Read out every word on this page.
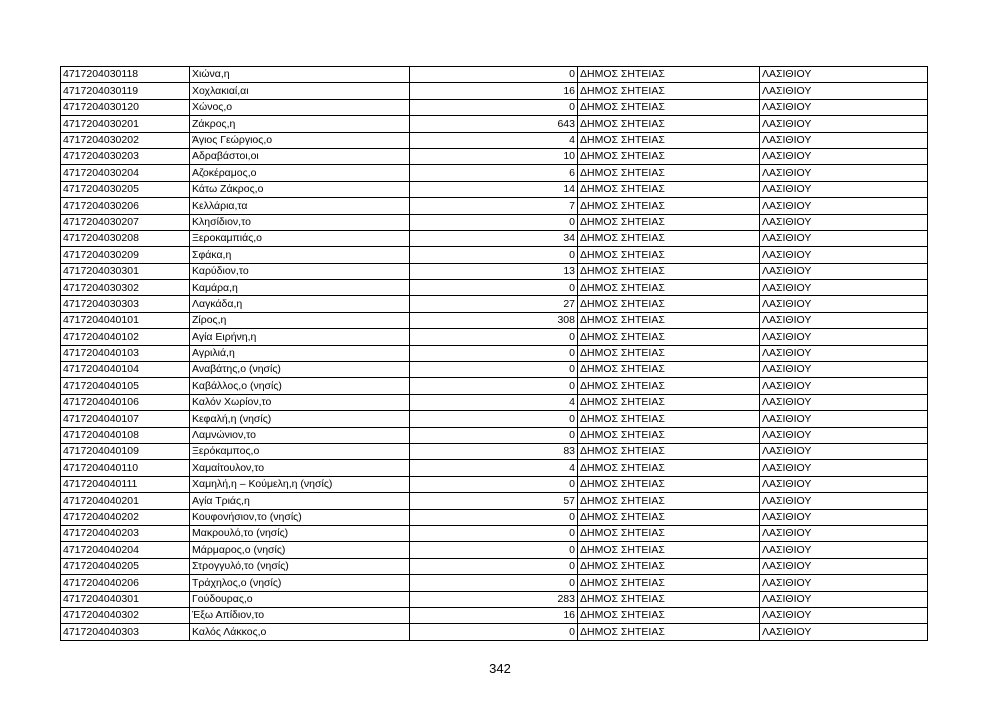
4717204030118	Χιώνα,η	0	ΔΗΜΟΣ ΣΗΤΕΙΑΣ	ΛΑΣΙΘΙΟΥ
4717204030119	Χοχλακιαί,αι	16	ΔΗΜΟΣ ΣΗΤΕΙΑΣ	ΛΑΣΙΘΙΟΥ
4717204030120	Χώνος,ο	0	ΔΗΜΟΣ ΣΗΤΕΙΑΣ	ΛΑΣΙΘΙΟΥ
4717204030201	Ζάκρος,η	643	ΔΗΜΟΣ ΣΗΤΕΙΑΣ	ΛΑΣΙΘΙΟΥ
4717204030202	Άγιος Γεώργιος,ο	4	ΔΗΜΟΣ ΣΗΤΕΙΑΣ	ΛΑΣΙΘΙΟΥ
4717204030203	Αδραβάστοι,οι	10	ΔΗΜΟΣ ΣΗΤΕΙΑΣ	ΛΑΣΙΘΙΟΥ
4717204030204	Αζοκέραμος,ο	6	ΔΗΜΟΣ ΣΗΤΕΙΑΣ	ΛΑΣΙΘΙΟΥ
4717204030205	Κάτω Ζάκρος,ο	14	ΔΗΜΟΣ ΣΗΤΕΙΑΣ	ΛΑΣΙΘΙΟΥ
4717204030206	Κελλάρια,τα	7	ΔΗΜΟΣ ΣΗΤΕΙΑΣ	ΛΑΣΙΘΙΟΥ
4717204030207	Κλησίδιον,το	0	ΔΗΜΟΣ ΣΗΤΕΙΑΣ	ΛΑΣΙΘΙΟΥ
4717204030208	Ξεροκαμπιάς,ο	34	ΔΗΜΟΣ ΣΗΤΕΙΑΣ	ΛΑΣΙΘΙΟΥ
4717204030209	Σφάκα,η	0	ΔΗΜΟΣ ΣΗΤΕΙΑΣ	ΛΑΣΙΘΙΟΥ
4717204030301	Καρύδιον,το	13	ΔΗΜΟΣ ΣΗΤΕΙΑΣ	ΛΑΣΙΘΙΟΥ
4717204030302	Καμάρα,η	0	ΔΗΜΟΣ ΣΗΤΕΙΑΣ	ΛΑΣΙΘΙΟΥ
4717204030303	Λαγκάδα,η	27	ΔΗΜΟΣ ΣΗΤΕΙΑΣ	ΛΑΣΙΘΙΟΥ
4717204040101	Ζίρος,η	308	ΔΗΜΟΣ ΣΗΤΕΙΑΣ	ΛΑΣΙΘΙΟΥ
4717204040102	Αγία Ειρήνη,η	0	ΔΗΜΟΣ ΣΗΤΕΙΑΣ	ΛΑΣΙΘΙΟΥ
4717204040103	Αγριλιά,η	0	ΔΗΜΟΣ ΣΗΤΕΙΑΣ	ΛΑΣΙΘΙΟΥ
4717204040104	Αναβάτης,ο (νησίς)	0	ΔΗΜΟΣ ΣΗΤΕΙΑΣ	ΛΑΣΙΘΙΟΥ
4717204040105	Καβάλλος,ο (νησίς)	0	ΔΗΜΟΣ ΣΗΤΕΙΑΣ	ΛΑΣΙΘΙΟΥ
4717204040106	Καλόν Χωρίον,το	4	ΔΗΜΟΣ ΣΗΤΕΙΑΣ	ΛΑΣΙΘΙΟΥ
4717204040107	Κεφαλή,η (νησίς)	0	ΔΗΜΟΣ ΣΗΤΕΙΑΣ	ΛΑΣΙΘΙΟΥ
4717204040108	Λαμνώνιον,το	0	ΔΗΜΟΣ ΣΗΤΕΙΑΣ	ΛΑΣΙΘΙΟΥ
4717204040109	Ξερόκαμπος,ο	83	ΔΗΜΟΣ ΣΗΤΕΙΑΣ	ΛΑΣΙΘΙΟΥ
4717204040110	Χαμαίτουλον,το	4	ΔΗΜΟΣ ΣΗΤΕΙΑΣ	ΛΑΣΙΘΙΟΥ
4717204040111	Χαμηλή,η – Κούμελη,η (νησίς)	0	ΔΗΜΟΣ ΣΗΤΕΙΑΣ	ΛΑΣΙΘΙΟΥ
4717204040201	Αγία Τριάς,η	57	ΔΗΜΟΣ ΣΗΤΕΙΑΣ	ΛΑΣΙΘΙΟΥ
4717204040202	Κουφονήσιον,το (νησίς)	0	ΔΗΜΟΣ ΣΗΤΕΙΑΣ	ΛΑΣΙΘΙΟΥ
4717204040203	Μακρουλό,το (νησίς)	0	ΔΗΜΟΣ ΣΗΤΕΙΑΣ	ΛΑΣΙΘΙΟΥ
4717204040204	Μάρμαρος,ο (νησίς)	0	ΔΗΜΟΣ ΣΗΤΕΙΑΣ	ΛΑΣΙΘΙΟΥ
4717204040205	Στρογγυλό,το (νησίς)	0	ΔΗΜΟΣ ΣΗΤΕΙΑΣ	ΛΑΣΙΘΙΟΥ
4717204040206	Τράχηλος,ο (νησίς)	0	ΔΗΜΟΣ ΣΗΤΕΙΑΣ	ΛΑΣΙΘΙΟΥ
4717204040301	Γούδουρας,ο	283	ΔΗΜΟΣ ΣΗΤΕΙΑΣ	ΛΑΣΙΘΙΟΥ
4717204040302	Έξω Απίδιον,το	16	ΔΗΜΟΣ ΣΗΤΕΙΑΣ	ΛΑΣΙΘΙΟΥ
4717204040303	Καλός Λάκκος,ο	0	ΔΗΜΟΣ ΣΗΤΕΙΑΣ	ΛΑΣΙΘΙΟΥ
342
